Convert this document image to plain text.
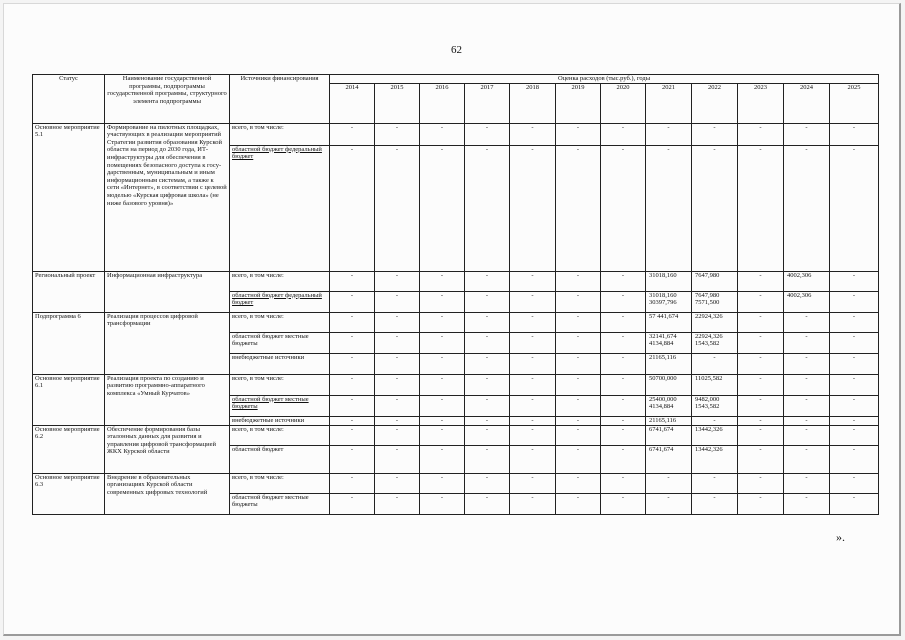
62
Статус	Наименование государственной программы, подпрограммы государственной программы, структурного элемента подпрограммы	Источники финансирования	Оценка расходов (тыс.руб.), годы											
			2014	2015	2016	2017	2018	2019	2020	2021	2022	2023	2024	2025
Основное мероприятие 5.1	Формирование на пилотных площадках, участвующих в реализации мероприятий Стратегии развития образования Курской области на период до 2030 года, ИТ-инфраструктуры для обеспечения в помещениях безопасного доступа к госу-дарственным, муниципальным и иным информационным системам, а также к сети «Интернет», в соответствии с целевой моделью «Курская цифровая школа» (не ниже базового уровня)»	всего, в том числе:	-	-	-	-	-	-	-	-	-	-	-	-
		областной бюджет федеральный бюджет	-	-	-	-	-	-	-	-	-	-	-	-
Региональный проект	Информационная инфраструктура	всего, в том числе:	-	-	-	-	-	-	-	31018,160	7647,980	-	4002,306	-
		областной бюджет федеральный бюджет	-	-	-	-	-	-	-	31018,160 30397,796	7647,980 7571,500	-	4002,306	-
Подпрограмма 6	Реализация процессов цифровой трансформации	всего, в том числе:	-	-	-	-	-	-	-	57 441,674	22924,326	-	-	-
		областной бюджет местные бюджеты	-	-	-	-	-	-	-	32141,674 4134,884	22924,326 1543,582	-	-	-
		внебюджетные источники	-	-	-	-	-	-	-	21165,116	-	-	-	-
Основное мероприятие 6.1	Реализация проекта по созданию и развитию программно-аппаратного комплекса «Умный Курчатов»	всего, в том числе:	-	-	-	-	-	-	-	50700,000	11025,582	-	-	-
		областной бюджет местные бюджеты	-	-	-	-	-	-	-	25400,000 4134,884	9482,000 1543,582	-	-	-
		внебюджетные источники	-	-	-	-	-	-	-	21165,116	-	-	-	-
Основное мероприятие 6.2	Обеспечение формирования базы эталонных данных для развития и управления цифровой трансформацией ЖКХ Курской области	всего, в том числе:	-	-	-	-	-	-	-	6741,674	13442,326	-	-	-
		областной бюджет	-	-	-	-	-	-	-	6741,674	13442,326	-	-	-
Основное мероприятие 6.3	Внедрение в образовательных организациях Курской области современных цифровых технологий	всего, в том числе:	-	-	-	-	-	-	-	-	-	-	-	-
		областной бюджет местные бюджеты	-	-	-	-	-	-	-	-	-	-	-	-
».
